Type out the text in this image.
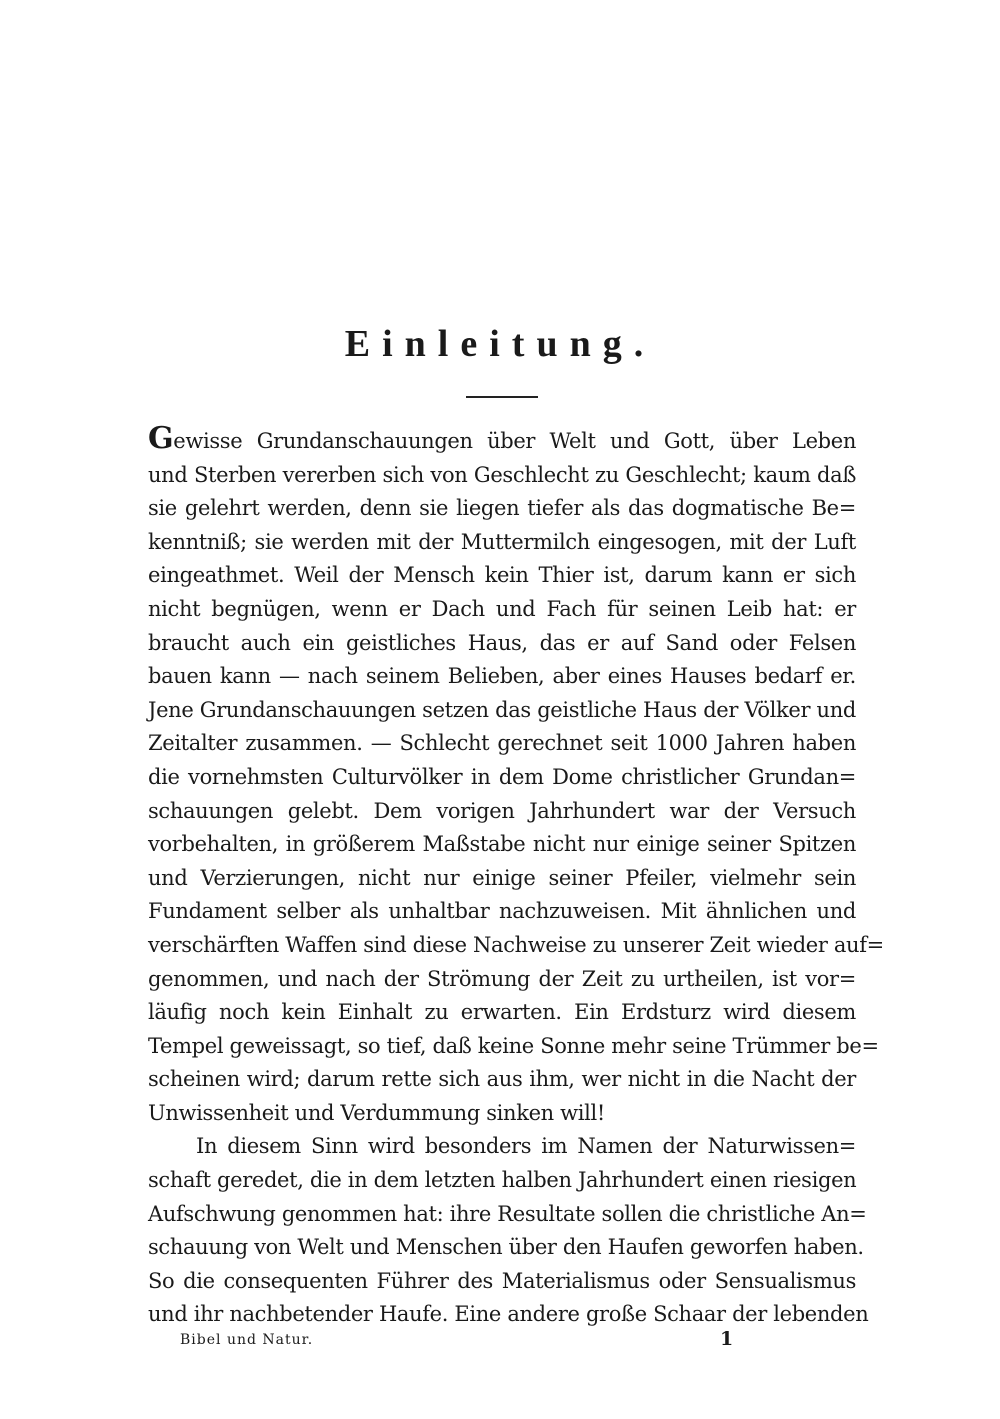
Einleitung.
Gewisse Grundanschauungen über Welt und Gott, über Leben
und Sterben vererben sich von Geschlecht zu Geschlecht; kaum daß
sie gelehrt werden, denn sie liegen tiefer als das dogmatische Be=
kenntniß; sie werden mit der Muttermilch eingesogen, mit der Luft
eingeathmet. Weil der Mensch kein Thier ist, darum kann er sich
nicht begnügen, wenn er Dach und Fach für seinen Leib hat: er
braucht auch ein geistliches Haus, das er auf Sand oder Felsen
bauen kann — nach seinem Belieben, aber eines Hauses bedarf er.
Jene Grundanschauungen setzen das geistliche Haus der Völker und
Zeitalter zusammen. — Schlecht gerechnet seit 1000 Jahren haben
die vornehmsten Culturvölker in dem Dome christlicher Grundan=
schauungen gelebt. Dem vorigen Jahrhundert war der Versuch
vorbehalten, in größerem Maßstabe nicht nur einige seiner Spitzen
und Verzierungen, nicht nur einige seiner Pfeiler, vielmehr sein
Fundament selber als unhaltbar nachzuweisen. Mit ähnlichen und
verschärften Waffen sind diese Nachweise zu unserer Zeit wieder auf=
genommen, und nach der Strömung der Zeit zu urtheilen, ist vor=
läufig noch kein Einhalt zu erwarten. Ein Erdsturz wird diesem
Tempel geweissagt, so tief, daß keine Sonne mehr seine Trümmer be=
scheinen wird; darum rette sich aus ihm, wer nicht in die Nacht der
Unwissenheit und Verdummung sinken will!
In diesem Sinn wird besonders im Namen der Naturwissen=
schaft geredet, die in dem letzten halben Jahrhundert einen riesigen
Aufschwung genommen hat: ihre Resultate sollen die christliche An=
schauung von Welt und Menschen über den Haufen geworfen haben.
So die consequenten Führer des Materialismus oder Sensualismus
und ihr nachbetender Haufe. Eine andere große Schaar der lebenden
Bibel und Natur.	1
